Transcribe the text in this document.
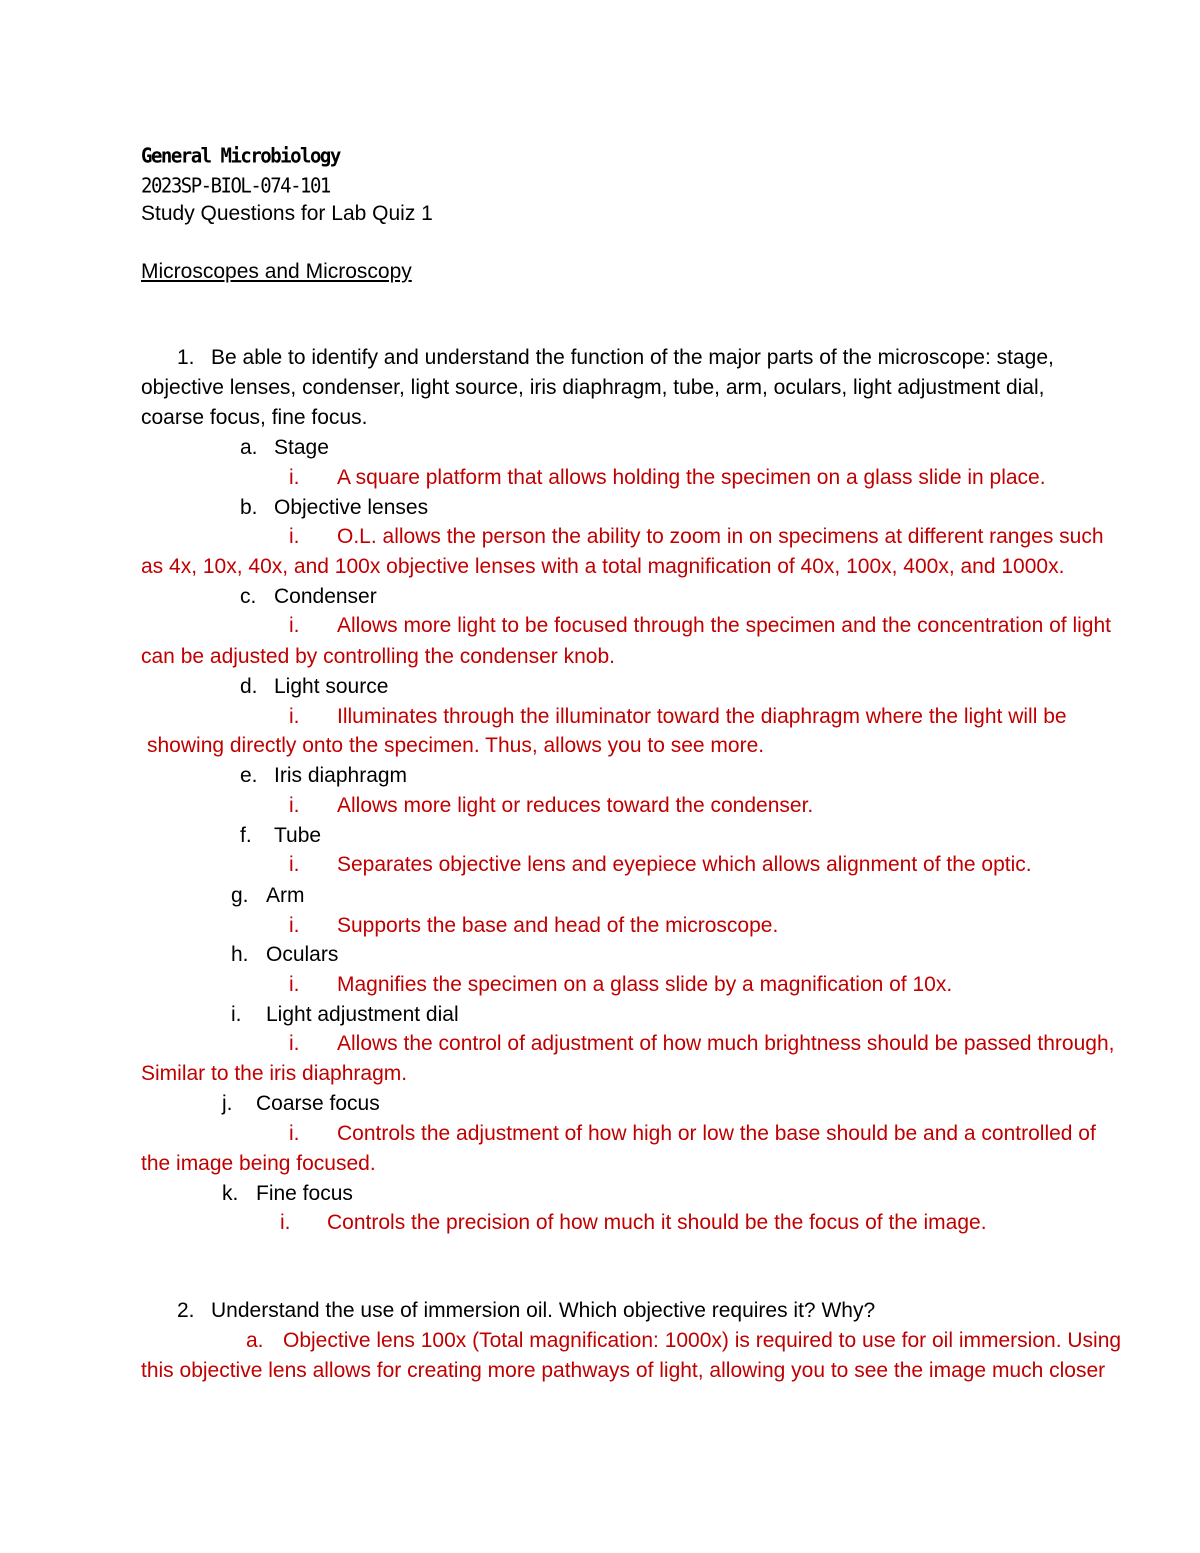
General Microbiology
2023SP-BIOL-074-101
Study Questions for Lab Quiz 1
Microscopes and Microscopy
1. Be able to identify and understand the function of the major parts of the microscope: stage,
objective lenses, condenser, light source, iris diaphragm, tube, arm, oculars, light adjustment dial,
coarse focus, fine focus.
a. Stage
i. A square platform that allows holding the specimen on a glass slide in place.
b. Objective lenses
i. O.L. allows the person the ability to zoom in on specimens at different ranges such
as 4x, 10x, 40x, and 100x objective lenses with a total magnification of 40x, 100x, 400x, and 1000x.
c. Condenser
i. Allows more light to be focused through the specimen and the concentration of light
can be adjusted by controlling the condenser knob.
d. Light source
i. Illuminates through the illuminator toward the diaphragm where the light will be
showing directly onto the specimen. Thus, allows you to see more.
e. Iris diaphragm
i. Allows more light or reduces toward the condenser.
f. Tube
i. Separates objective lens and eyepiece which allows alignment of the optic.
g. Arm
i. Supports the base and head of the microscope.
h. Oculars
i. Magnifies the specimen on a glass slide by a magnification of 10x.
i. Light adjustment dial
i. Allows the control of adjustment of how much brightness should be passed through,
Similar to the iris diaphragm.
j. Coarse focus
i. Controls the adjustment of how high or low the base should be and a controlled of
the image being focused.
k. Fine focus
i. Controls the precision of how much it should be the focus of the image.
2. Understand the use of immersion oil. Which objective requires it? Why?
a. Objective lens 100x (Total magnification: 1000x) is required to use for oil immersion. Using
this objective lens allows for creating more pathways of light, allowing you to see the image much closer
